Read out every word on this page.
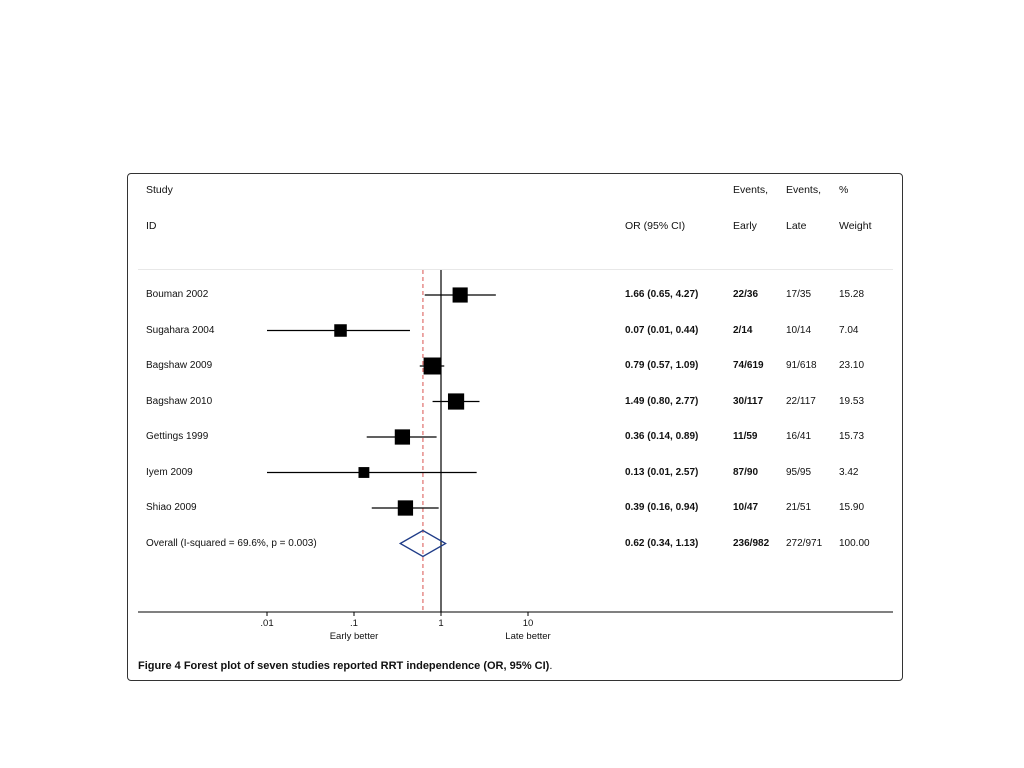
Study
ID	OR (95% CI)
Events, Events,
Early	Late
%
Weight
Bouman 2002	1.66 (0.65, 4.27)	22/36	17/35	15.28
Sugahara 2004	0.07 (0.01, 0.44)	2/14	10/14	7.04
Bagshaw 2009	0.79 (0.57, 1.09)	74/619 91/618 23.10
Bagshaw 2010	1.49 (0.80, 2.77)	30/117 22/117 19.53
Gettings 1999	0.36 (0.14, 0.89)	11/59	16/41	15.73
Iyem 2009	0.13 (0.01, 2.57)	87/90	95/95	3.42
Shiao 2009	0.39 (0.16, 0.94)	10/47	21/51	15.90
Overall (I-squared = 69.6%, p = 0.003)	0.62 (0.34, 1.13)	236/982 272/971 100.00
.01	.1	1	10
Early better	Late better
Figure 4 Forest plot of seven studies reported RRT independence (OR, 95% CI).
